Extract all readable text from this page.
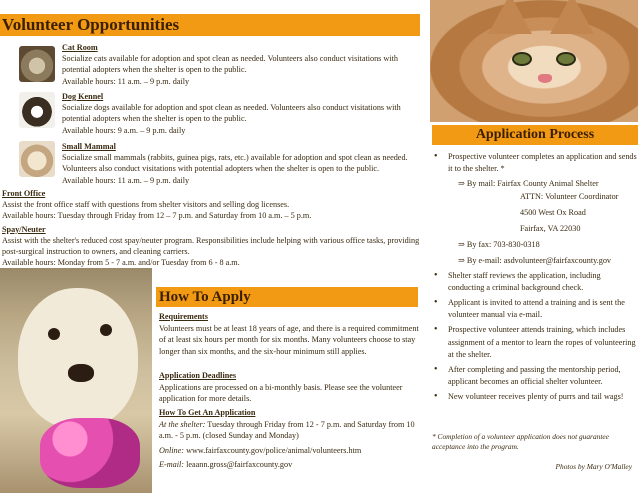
Volunteer Opportunities
Cat Room
Socialize cats available for adoption and spot clean as needed. Volunteers also conduct visitations with potential adopters when the shelter is open to the public.
Available hours: 11 a.m. – 9 p.m. daily
Dog Kennel
Socialize dogs available for adoption and spot clean as needed. Volunteers also conduct visitations with potential adopters when the shelter is open to the public.
Available hours: 9 a.m. – 9 p.m. daily
Small Mammal
Socialize small mammals (rabbits, guinea pigs, rats, etc.) available for adoption and spot clean as needed. Volunteers also conduct visitations with potential adopters when the shelter is open to the public.
Available hours: 11 a.m. – 9 p.m. daily
Front Office
Assist the front office staff with questions from shelter visitors and selling dog licenses.
Available hours: Tuesday through Friday from 12 – 7 p.m. and Saturday from 10 a.m. – 5 p.m.
Spay/Neuter
Assist with the shelter's reduced cost spay/neuter program. Responsibilities include helping with various office tasks, providing post-surgical instruction to owners, and cleaning carriers.
Available hours: Monday from 5 - 7 a.m. and/or Tuesday from 6 - 8 a.m.
How To Apply
Requirements
Volunteers must be at least 18 years of age, and there is a required commitment of at least six hours per month for six months. Many volunteers choose to stay longer than six months, and the six-hour minimum still applies.
Application Deadlines
Applications are processed on a bi-monthly basis. Please see the volunteer application for more details.
How To Get An Application
At the shelter: Tuesday through Friday from 12 - 7 p.m. and Saturday from 10 a.m. - 5 p.m. (closed Sunday and Monday)
Online: www.fairfaxcounty.gov/police/animal/volunteers.htm
E-mail: leaann.gross@fairfaxcounty.gov
Application Process
• Prospective volunteer completes an application and sends it to the shelter. *
⇒ By mail: Fairfax County Animal Shelter
ATTN: Volunteer Coordinator
4500 West Ox Road
Fairfax, VA 22030
⇒ By fax: 703-830-0318
⇒ By e-mail: asdvolunteer@fairfaxcounty.gov
• Shelter staff reviews the application, including conducting a criminal background check.
• Applicant is invited to attend a training and is sent the volunteer manual via e-mail.
• Prospective volunteer attends training, which includes assignment of a mentor to learn the ropes of volunteering at the shelter.
• After completing and passing the mentorship period, applicant becomes an official shelter volunteer.
• New volunteer receives plenty of purrs and tail wags!
* Completion of a volunteer application does not guarantee acceptance into the program.
Photos by Mary O'Malley
